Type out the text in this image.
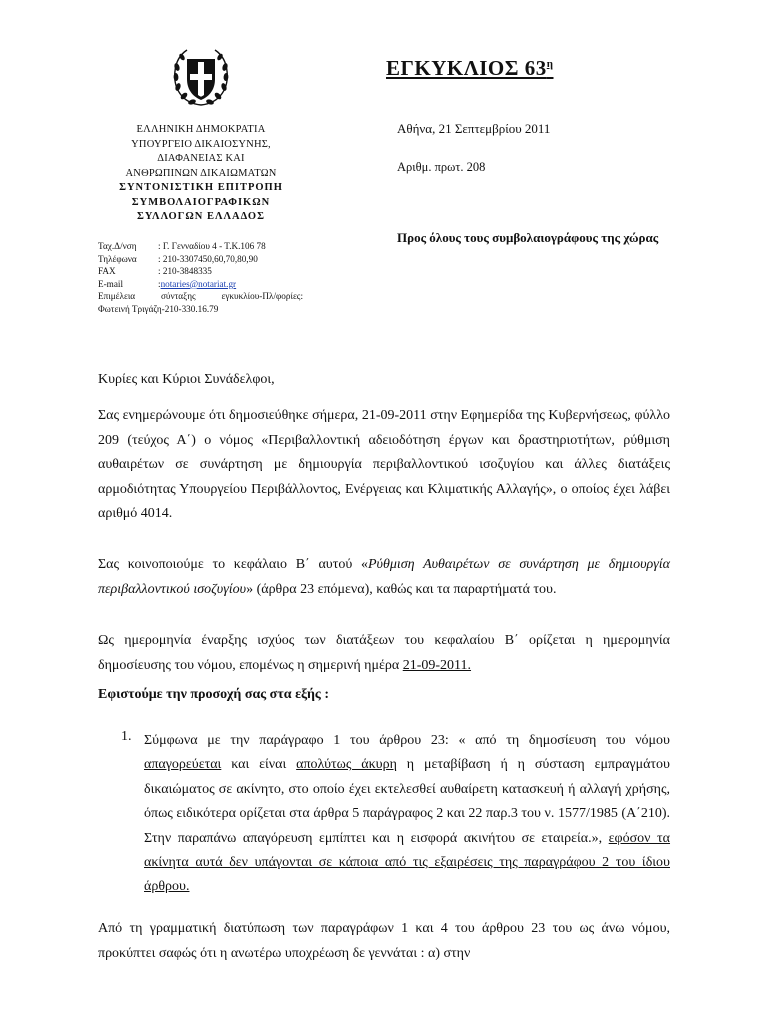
ΕΛΛΗΝΙΚΗ ΔΗΜΟΚΡΑΤΙΑ
ΥΠΟΥΡΓΕΙΟ ΔΙΚΑΙΟΣΥΝΗΣ,
ΔΙΑΦΑΝΕΙΑΣ ΚΑΙ
ΑΝΘΡΩΠΙΝΩΝ ΔΙΚΑΙΩΜΑΤΩΝ
ΣΥΝΤΟΝΙΣΤΙΚΗ ΕΠΙΤΡΟΠΗ
ΣΥΜΒΟΛΑΙΟΓΡΑΦΙΚΩΝ
ΣΥΛΛΟΓΩΝ ΕΛΛΑΔΟΣ
Ταχ.Δ/νση	: Γ. Γενναδίου 4 - Τ.Κ.106 78
Τηλέφωνα	: 210-3307450,60,70,80,90
FAX	: 210-3848335
E-mail	: notaries@notariat.gr
Επιμέλεια	σύνταξης	εγκυκλίου-Πλ/φορίες:
Φωτεινή Τριγάζη-210-330.16.79
ΕΓΚΥΚΛΙΟΣ $63^\eta$
Αθήνα, 21 Σεπτεμβρίου 2011
Αριθμ. πρωτ. 208
Προς όλους τους συμβολαιογράφους της χώρας
Κυρίες και Κύριοι Συνάδελφοι,
Σας ενημερώνουμε ότι δημοσιεύθηκε σήμερα, 21-09-2011 στην Εφημερίδα της Κυβερνήσεως, φύλλο 209 (τεύχος Α΄) ο νόμος «Περιβαλλοντική αδειοδότηση έργων και δραστηριοτήτων, ρύθμιση αυθαιρέτων σε συνάρτηση με δημιουργία περιβαλλοντικού ισοζυγίου και άλλες διατάξεις αρμοδιότητας Υπουργείου Περιβάλλοντος, Ενέργειας και Κλιματικής Αλλαγής», ο οποίος έχει λάβει αριθμό 4014.
Σας κοινοποιούμε το κεφάλαιο Β΄ αυτού «Ρύθμιση Αυθαιρέτων σε συνάρτηση με δημιουργία περιβαλλοντικού ισοζυγίου» (άρθρα 23 επόμενα), καθώς και τα παραρτήματά του.
Ως ημερομηνία έναρξης ισχύος των διατάξεων του κεφαλαίου Β΄ ορίζεται η ημερομηνία δημοσίευσης του νόμου, επομένως η σημερινή ημέρα 21-09-2011.
Εφιστούμε την προσοχή σας στα εξής :
1. Σύμφωνα με την παράγραφο 1 του άρθρου 23: « από τη δημοσίευση του νόμου απαγορεύεται και είναι απολύτως άκυρη η μεταβίβαση ή η σύσταση εμπραγμάτου δικαιώματος σε ακίνητο, στο οποίο έχει εκτελεσθεί αυθαίρετη κατασκευή ή αλλαγή χρήσης, όπως ειδικότερα ορίζεται στα άρθρα 5 παράγραφος 2 και 22 παρ.3 του ν. 1577/1985 (Α΄210). Στην παραπάνω απαγόρευση εμπίπτει και η εισφορά ακινήτου σε εταιρεία.», εφόσον τα ακίνητα αυτά δεν υπάγονται σε κάποια από τις εξαιρέσεις της παραγράφου 2 του ίδιου άρθρου.
Από τη γραμματική διατύπωση των παραγράφων 1 και 4 του άρθρου 23 του ως άνω νόμου, προκύπτει σαφώς ότι η ανωτέρω υποχρέωση δε γεννάται : α) στην
